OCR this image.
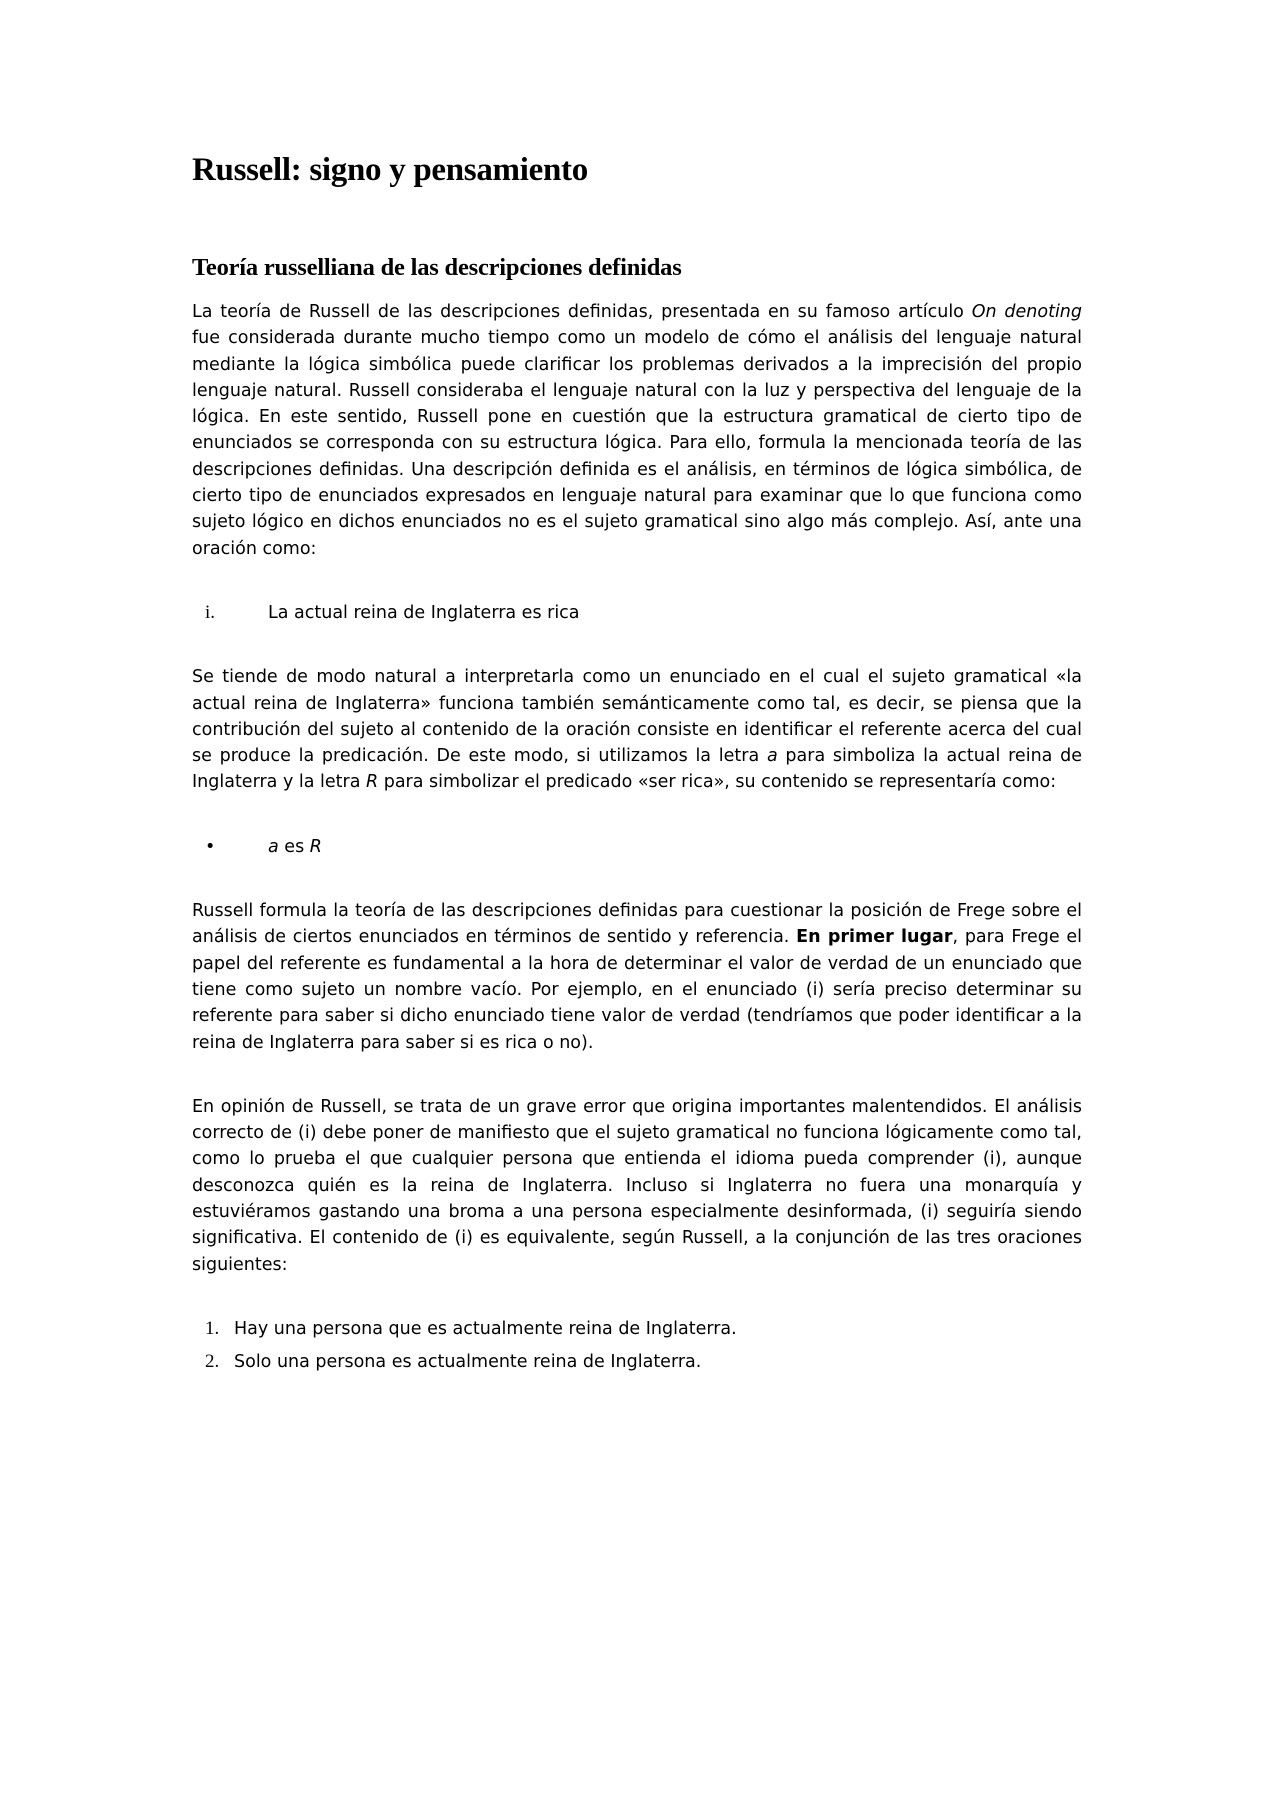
Russell: signo y pensamiento
Teoría russelliana de las descripciones definidas

La teoría de Russell de las descripciones definidas, presentada en su famoso artículo On denoting fue considerada durante mucho tiempo como un modelo de cómo el análisis del lenguaje natural mediante la lógica simbólica puede clarificar los problemas derivados a la imprecisión del propio lenguaje natural. Russell consideraba el lenguaje natural con la luz y perspectiva del lenguaje de la lógica. En este sentido, Russell pone en cuestión que la estructura gramatical de cierto tipo de enunciados se corresponda con su estructura lógica. Para ello, formula la mencionada teoría de las descripciones definidas. Una descripción definida es el análisis, en términos de lógica simbólica, de cierto tipo de enunciados expresados en lenguaje natural para examinar que lo que funciona como sujeto lógico en dichos enunciados no es el sujeto gramatical sino algo más complejo. Así, ante una oración como:

i.	La actual reina de Inglaterra es rica

Se tiende de modo natural a interpretarla como un enunciado en el cual el sujeto gramatical «la actual reina de Inglaterra» funciona también semánticamente como tal, es decir, se piensa que la contribución del sujeto al contenido de la oración consiste en identificar el referente acerca del cual se produce la predicación. De este modo, si utilizamos la letra a para simboliza la actual reina de Inglaterra y la letra R para simbolizar el predicado «ser rica», su contenido se representaría como:

•	a es R

Russell formula la teoría de las descripciones definidas para cuestionar la posición de Frege sobre el análisis de ciertos enunciados en términos de sentido y referencia. En primer lugar, para Frege el papel del referente es fundamental a la hora de determinar el valor de verdad de un enunciado que tiene como sujeto un nombre vacío. Por ejemplo, en el enunciado (i) sería preciso determinar su referente para saber si dicho enunciado tiene valor de verdad (tendríamos que poder identificar a la reina de Inglaterra para saber si es rica o no).

En opinión de Russell, se trata de un grave error que origina importantes malentendidos. El análisis correcto de (i) debe poner de manifiesto que el sujeto gramatical no funciona lógicamente como tal, como lo prueba el que cualquier persona que entienda el idioma pueda comprender (i), aunque desconozca quién es la reina de Inglaterra. Incluso si Inglaterra no fuera una monarquía y estuviéramos gastando una broma a una persona especialmente desinformada, (i) seguiría siendo significativa. El contenido de (i) es equivalente, según Russell, a la conjunción de las tres oraciones siguientes:

1. Hay una persona que es actualmente reina de Inglaterra.
2. Solo una persona es actualmente reina de Inglaterra.
